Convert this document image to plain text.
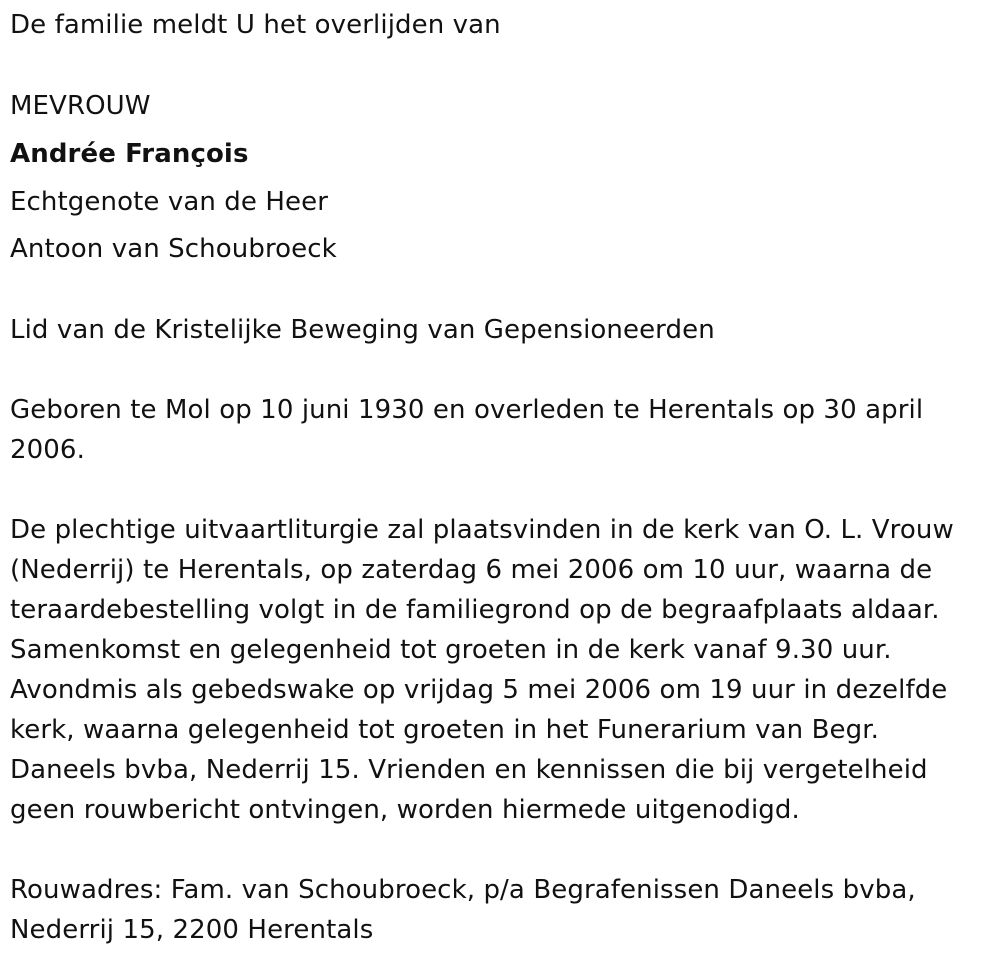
De familie meldt U het overlijden van
MEVROUW
Andrée François
Echtgenote van de Heer
Antoon van Schoubroeck
Lid van de Kristelijke Beweging van Gepensioneerden
Geboren te Mol op 10 juni 1930 en overleden te Herentals op 30 april
2006.
De plechtige uitvaartliturgie zal plaatsvinden in de kerk van O. L. Vrouw
(Nederrij) te Herentals, op zaterdag 6 mei 2006 om 10 uur, waarna de
teraardebestelling volgt in de familiegrond op de begraafplaats aldaar.
Samenkomst en gelegenheid tot groeten in de kerk vanaf 9.30 uur.
Avondmis als gebedswake op vrijdag 5 mei 2006 om 19 uur in dezelfde
kerk, waarna gelegenheid tot groeten in het Funerarium van Begr.
Daneels bvba, Nederrij 15. Vrienden en kennissen die bij vergetelheid
geen rouwbericht ontvingen, worden hiermede uitgenodigd.
Rouwadres: Fam. van Schoubroeck, p/a Begrafenissen Daneels bvba,
Nederrij 15, 2200 Herentals
